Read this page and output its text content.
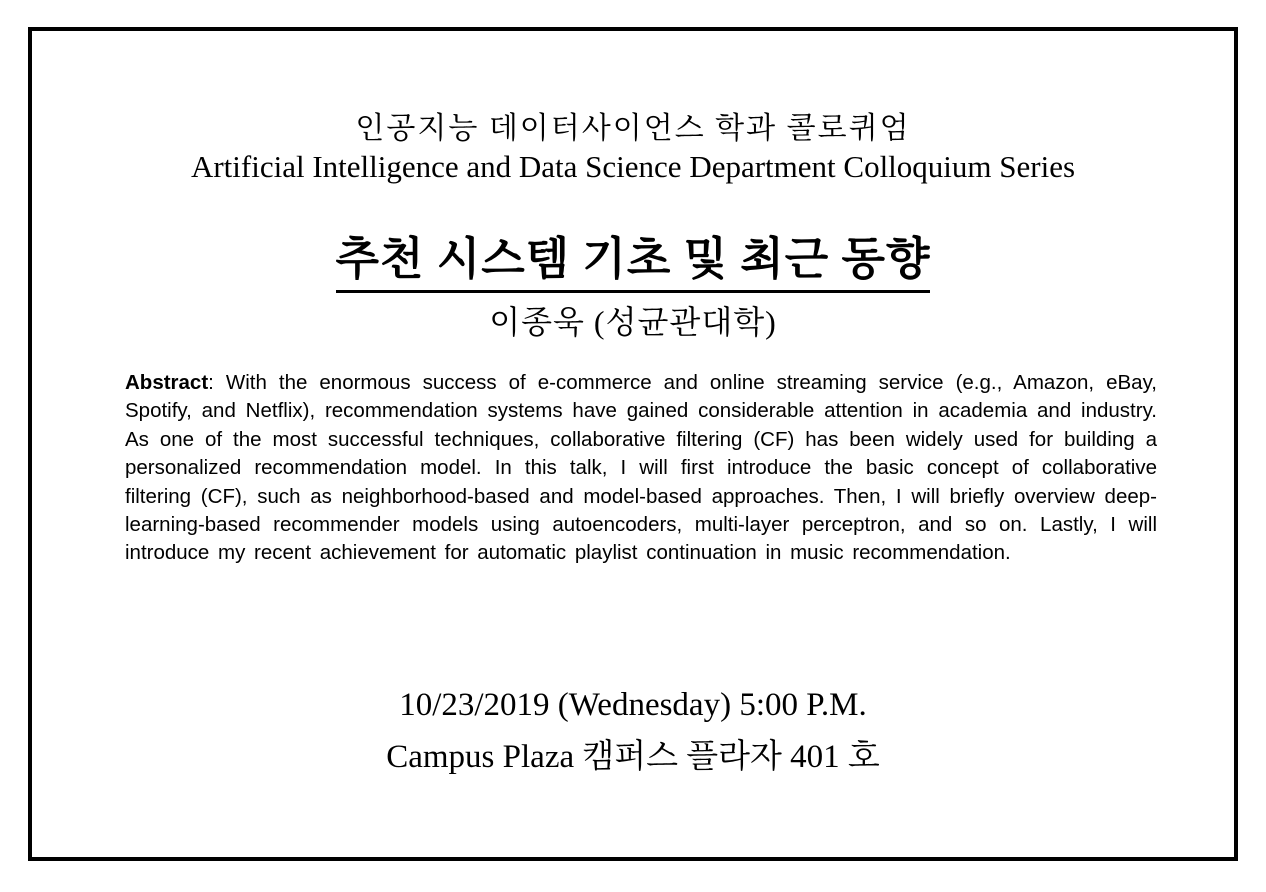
인공지능 데이터사이언스 학과 콜로퀴엄
Artificial Intelligence and Data Science Department Colloquium Series
추천 시스템 기초 및 최근 동향
이종욱 (성균관대학)

Abstract: With the enormous success of e-commerce and online streaming service (e.g., Amazon, eBay, Spotify, and Netflix), recommendation systems have gained considerable attention in academia and industry. As one of the most successful techniques, collaborative filtering (CF) has been widely used for building a personalized recommendation model. In this talk, I will first introduce the basic concept of collaborative filtering (CF), such as neighborhood-based and model-based approaches. Then, I will briefly overview deep-learning-based recommender models using autoencoders, multi-layer perceptron, and so on. Lastly, I will introduce my recent achievement for automatic playlist continuation in music recommendation.

10/23/2019 (Wednesday) 5:00 P.M.
Campus Plaza 캠퍼스 플라자 401 호
